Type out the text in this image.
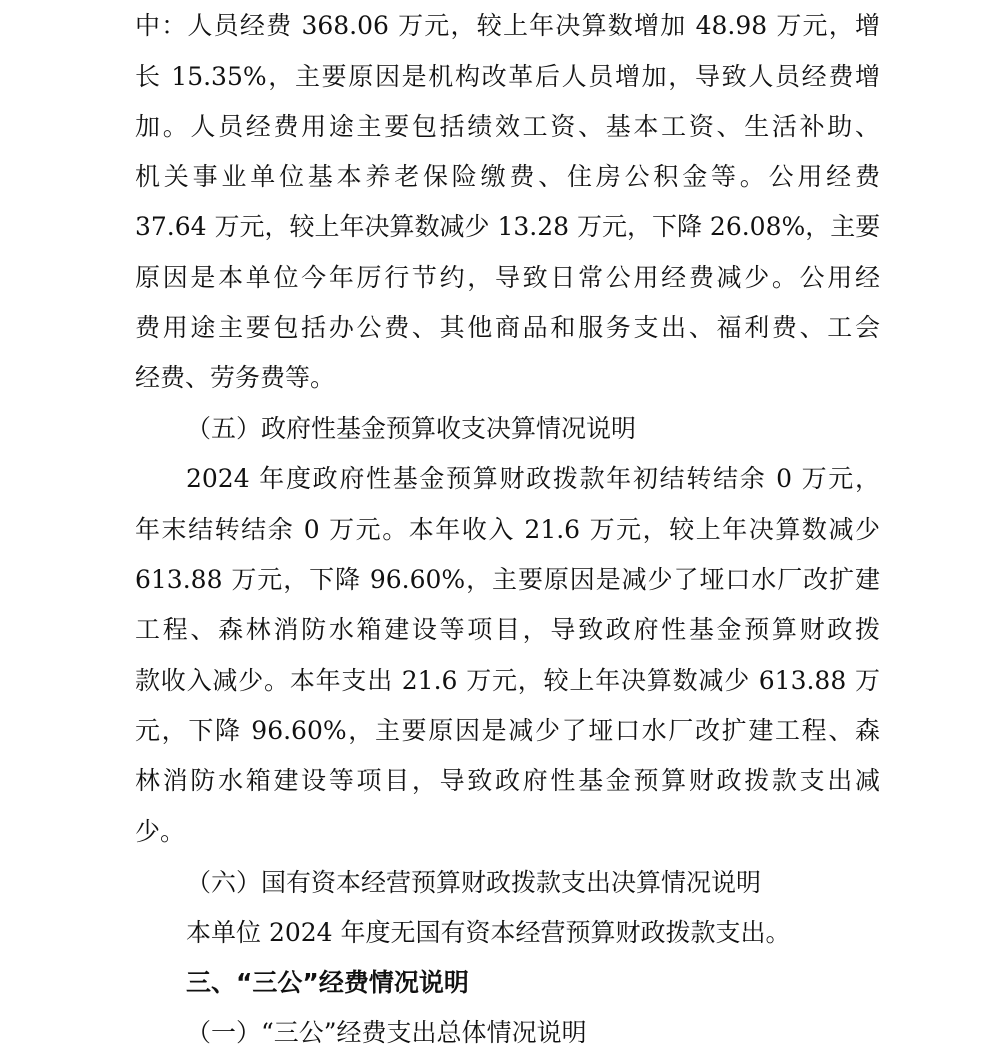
中：人员经费 368.06 万元，较上年决算数增加 48.98 万元，增
长 15.35%，主要原因是机构改革后人员增加，导致人员经费增
加。人员经费用途主要包括绩效工资、基本工资、生活补助、
机关事业单位基本养老保险缴费、住房公积金等。公用经费
37.64 万元，较上年决算数减少 13.28 万元，下降 26.08%，主要
原因是本单位今年厉行节约，导致日常公用经费减少。公用经
费用途主要包括办公费、其他商品和服务支出、福利费、工会
经费、劳务费等。
（五）政府性基金预算收支决算情况说明
2024 年度政府性基金预算财政拨款年初结转结余 0 万元，
年末结转结余 0 万元。本年收入 21.6 万元，较上年决算数减少
613.88 万元，下降 96.60%，主要原因是减少了垭口水厂改扩建
工程、森林消防水箱建设等项目，导致政府性基金预算财政拨
款收入减少。本年支出 21.6 万元，较上年决算数减少 613.88 万
元，下降 96.60%，主要原因是减少了垭口水厂改扩建工程、森
林消防水箱建设等项目，导致政府性基金预算财政拨款支出减
少。
（六）国有资本经营预算财政拨款支出决算情况说明
本单位 2024 年度无国有资本经营预算财政拨款支出。
三、“三公”经费情况说明
（一）“三公”经费支出总体情况说明
